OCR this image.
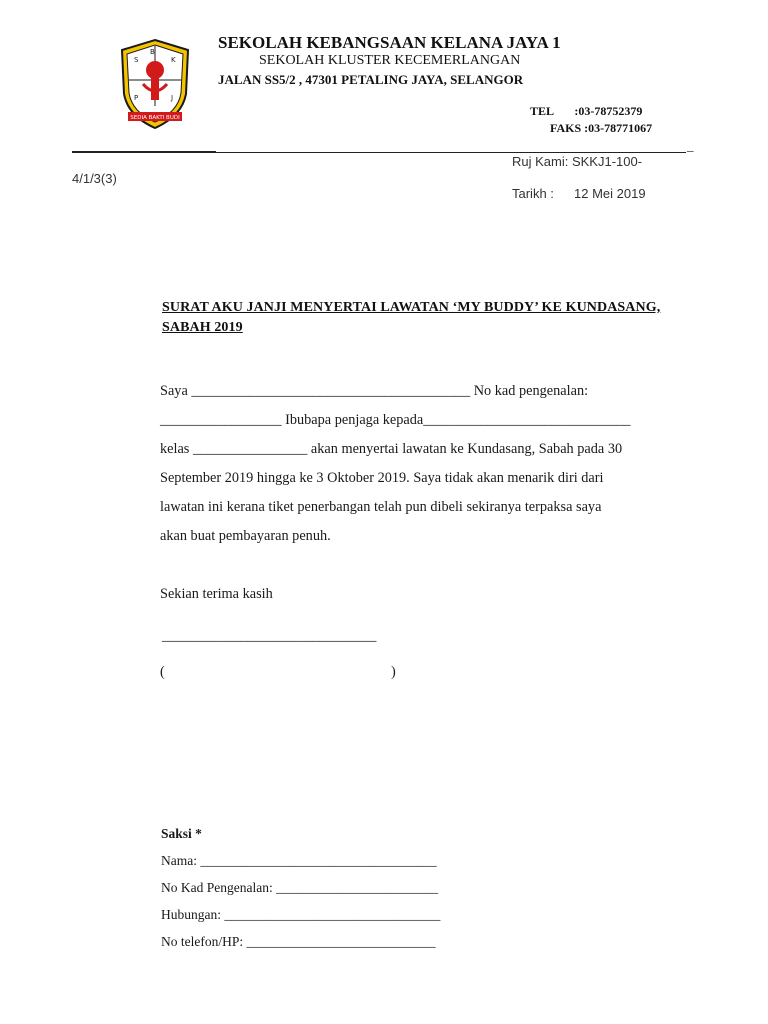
S
B
K
P	J
SEDIA BAKTI BUDI
SEKOLAH KEBANGSAAN KELANA JAYA 1
SEKOLAH KLUSTER KECEMERLANGAN
JALAN SS5/2 , 47301 PETALING JAYA, SELANGOR
TEL       :03-78752379
FAKS :03-78771067
_
Ruj Kami: SKKJ1-100-
4/1/3(3)
Tarikh : 12 Mei 2019
SURAT AKU JANJI MENYERTAI LAWATAN ‘MY BUDDY’ KE KUNDASANG,
SABAH 2019
Saya _______________________________________ No kad pengenalan:
_________________ Ibubapa penjaga kepada_____________________________
kelas ________________ akan menyertai lawatan ke Kundasang, Sabah pada 30
September 2019 hingga ke 3 Oktober 2019. Saya tidak akan menarik diri dari
lawatan ini kerana tiket penerbangan telah pun dibeli sekiranya terpaksa saya
akan buat pembayaran penuh.
Sekian terima kasih
______________________________
(	)
Saksi *
Nama: ___________________________________
No Kad Pengenalan: ________________________
Hubungan: ________________________________
No telefon/HP: ____________________________
